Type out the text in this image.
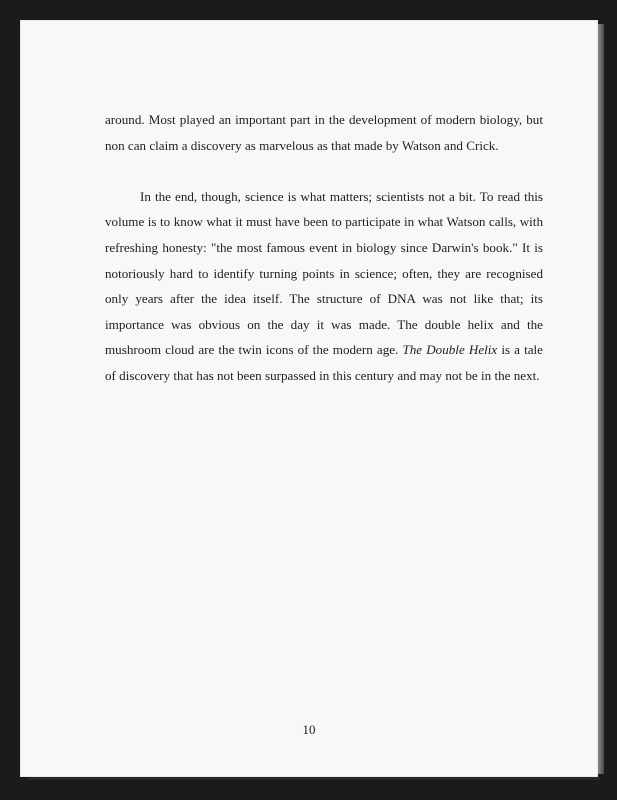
around. Most played an important part in the development of modern biology, but non can claim a discovery as marvelous as that made by Watson and Crick.

In the end, though, science is what matters; scientists not a bit. To read this volume is to know what it must have been to participate in what Watson calls, with refreshing honesty: "the most famous event in biology since Darwin's book." It is notoriously hard to identify turning points in science; often, they are recognised only years after the idea itself. The structure of DNA was not like that; its importance was obvious on the day it was made. The double helix and the mushroom cloud are the twin icons of the modern age. The Double Helix is a tale of discovery that has not been surpassed in this century and may not be in the next.

10
